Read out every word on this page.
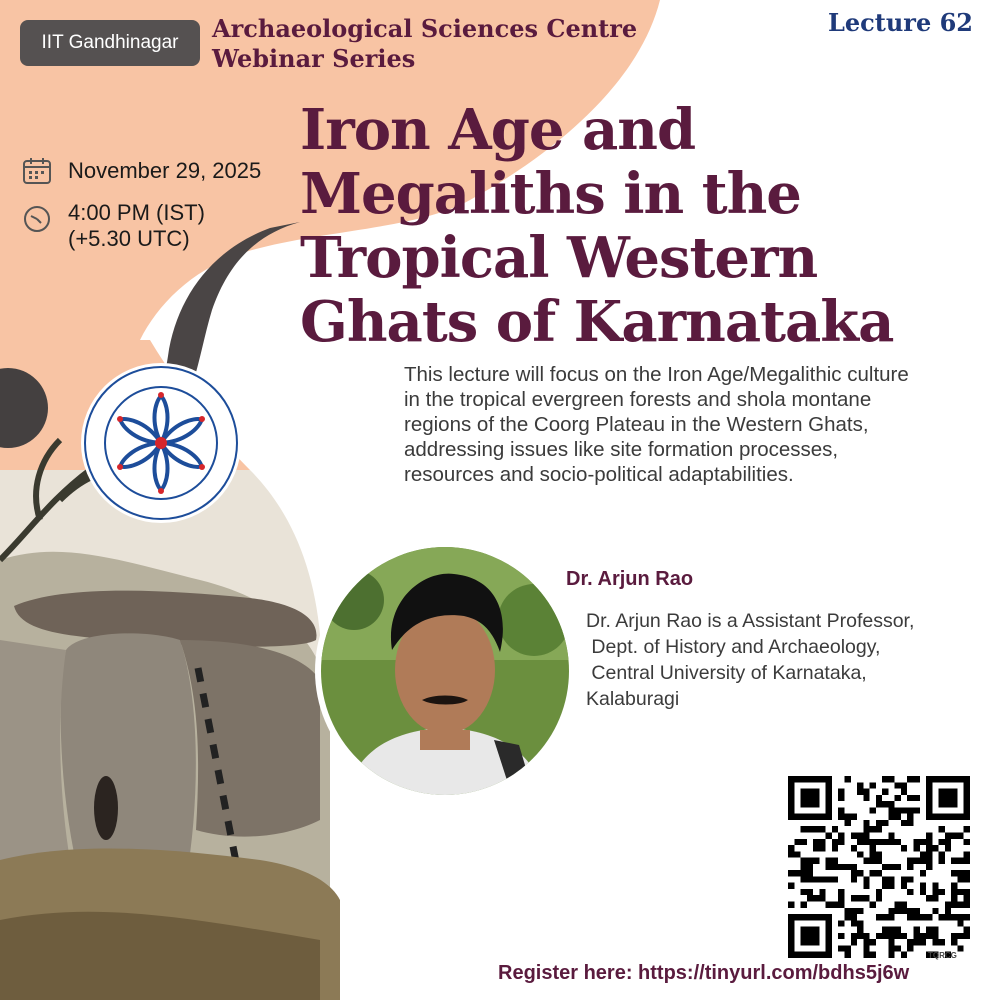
IIT Gandhinagar	Archaeological Sciences Centre
Webinar Series
Lecture 62
November 29, 2025
4:00 PM (IST)
(+5.30 UTC)
Iron Age and
Megaliths in the
Tropical Western
Ghats of Karnataka
This lecture will focus on the Iron Age/Megalithic culture
in the tropical evergreen forests and shola montane
regions of the Coorg Plateau in the Western Ghats,
addressing issues like site formation processes,
resources and socio-political adaptabilities.
Dr. Arjun Rao
Dr. Arjun Rao is a Assistant Professor,
Dept. of History and Archaeology,
Central University of Karnataka,
Kalaburagi
TQRCG
Register here: https://tinyurl.com/bdhs5j6w
